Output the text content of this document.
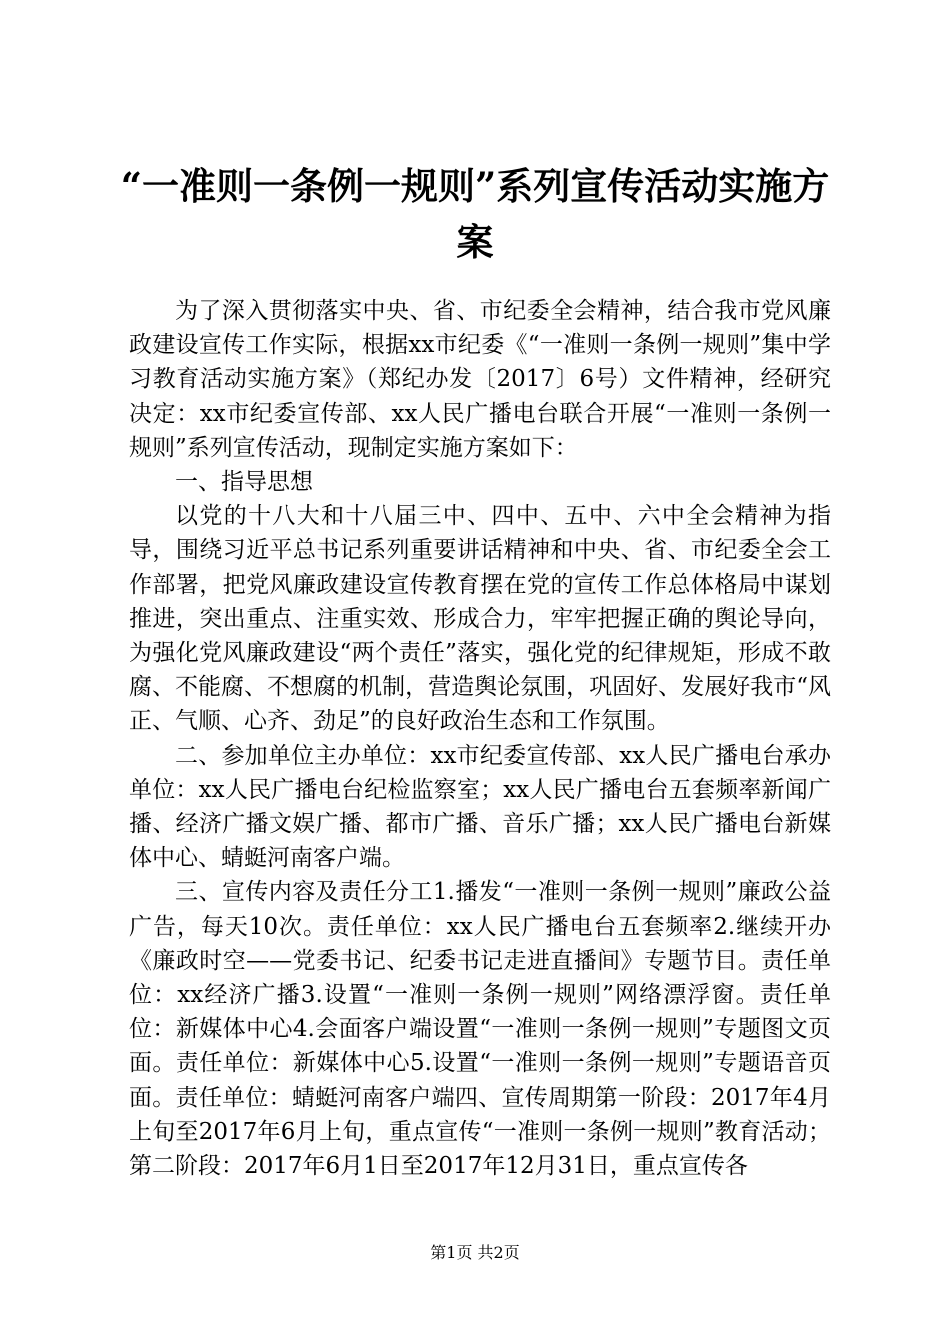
“一准则一条例一规则”系列宣传活动实施方案

为了深入贯彻落实中央、省、市纪委全会精神，结合我市党风廉政建设宣传工作实际，根据xx市纪委《“一准则一条例一规则”集中学习教育活动实施方案》（郑纪办发〔2017〕6号）文件精神，经研究决定：xx市纪委宣传部、xx人民广播电台联合开展“一准则一条例一规则”系列宣传活动，现制定实施方案如下：

一、指导思想

以党的十八大和十八届三中、四中、五中、六中全会精神为指导，围绕习近平总书记系列重要讲话精神和中央、省、市纪委全会工作部署，把党风廉政建设宣传教育摆在党的宣传工作总体格局中谋划推进，突出重点、注重实效、形成合力，牢牢把握正确的舆论导向，为强化党风廉政建设“两个责任”落实，强化党的纪律规矩，形成不敢腐、不能腐、不想腐的机制，营造舆论氛围，巩固好、发展好我市“风正、气顺、心齐、劲足”的良好政治生态和工作氛围。

二、参加单位主办单位：xx市纪委宣传部、xx人民广播电台承办单位：xx人民广播电台纪检监察室；xx人民广播电台五套频率新闻广播、经济广播文娱广播、都市广播、音乐广播；xx人民广播电台新媒体中心、蜻蜓河南客户端。

三、宣传内容及责任分工1.播发“一准则一条例一规则”廉政公益广告，每天10次。责任单位：xx人民广播电台五套频率2.继续开办《廉政时空——党委书记、纪委书记走进直播间》专题节目。责任单位：xx经济广播3.设置“一准则一条例一规则”网络漂浮窗。责任单位：新媒体中心4.会面客户端设置“一准则一条例一规则”专题图文页面。责任单位：新媒体中心5.设置“一准则一条例一规则”专题语音页面。责任单位：蜻蜓河南客户端四、宣传周期第一阶段：2017年4月上旬至2017年6月上旬，重点宣传“一准则一条例一规则”教育活动；第二阶段：2017年6月1日至2017年12月31日，重点宣传各

第1页 共2页
